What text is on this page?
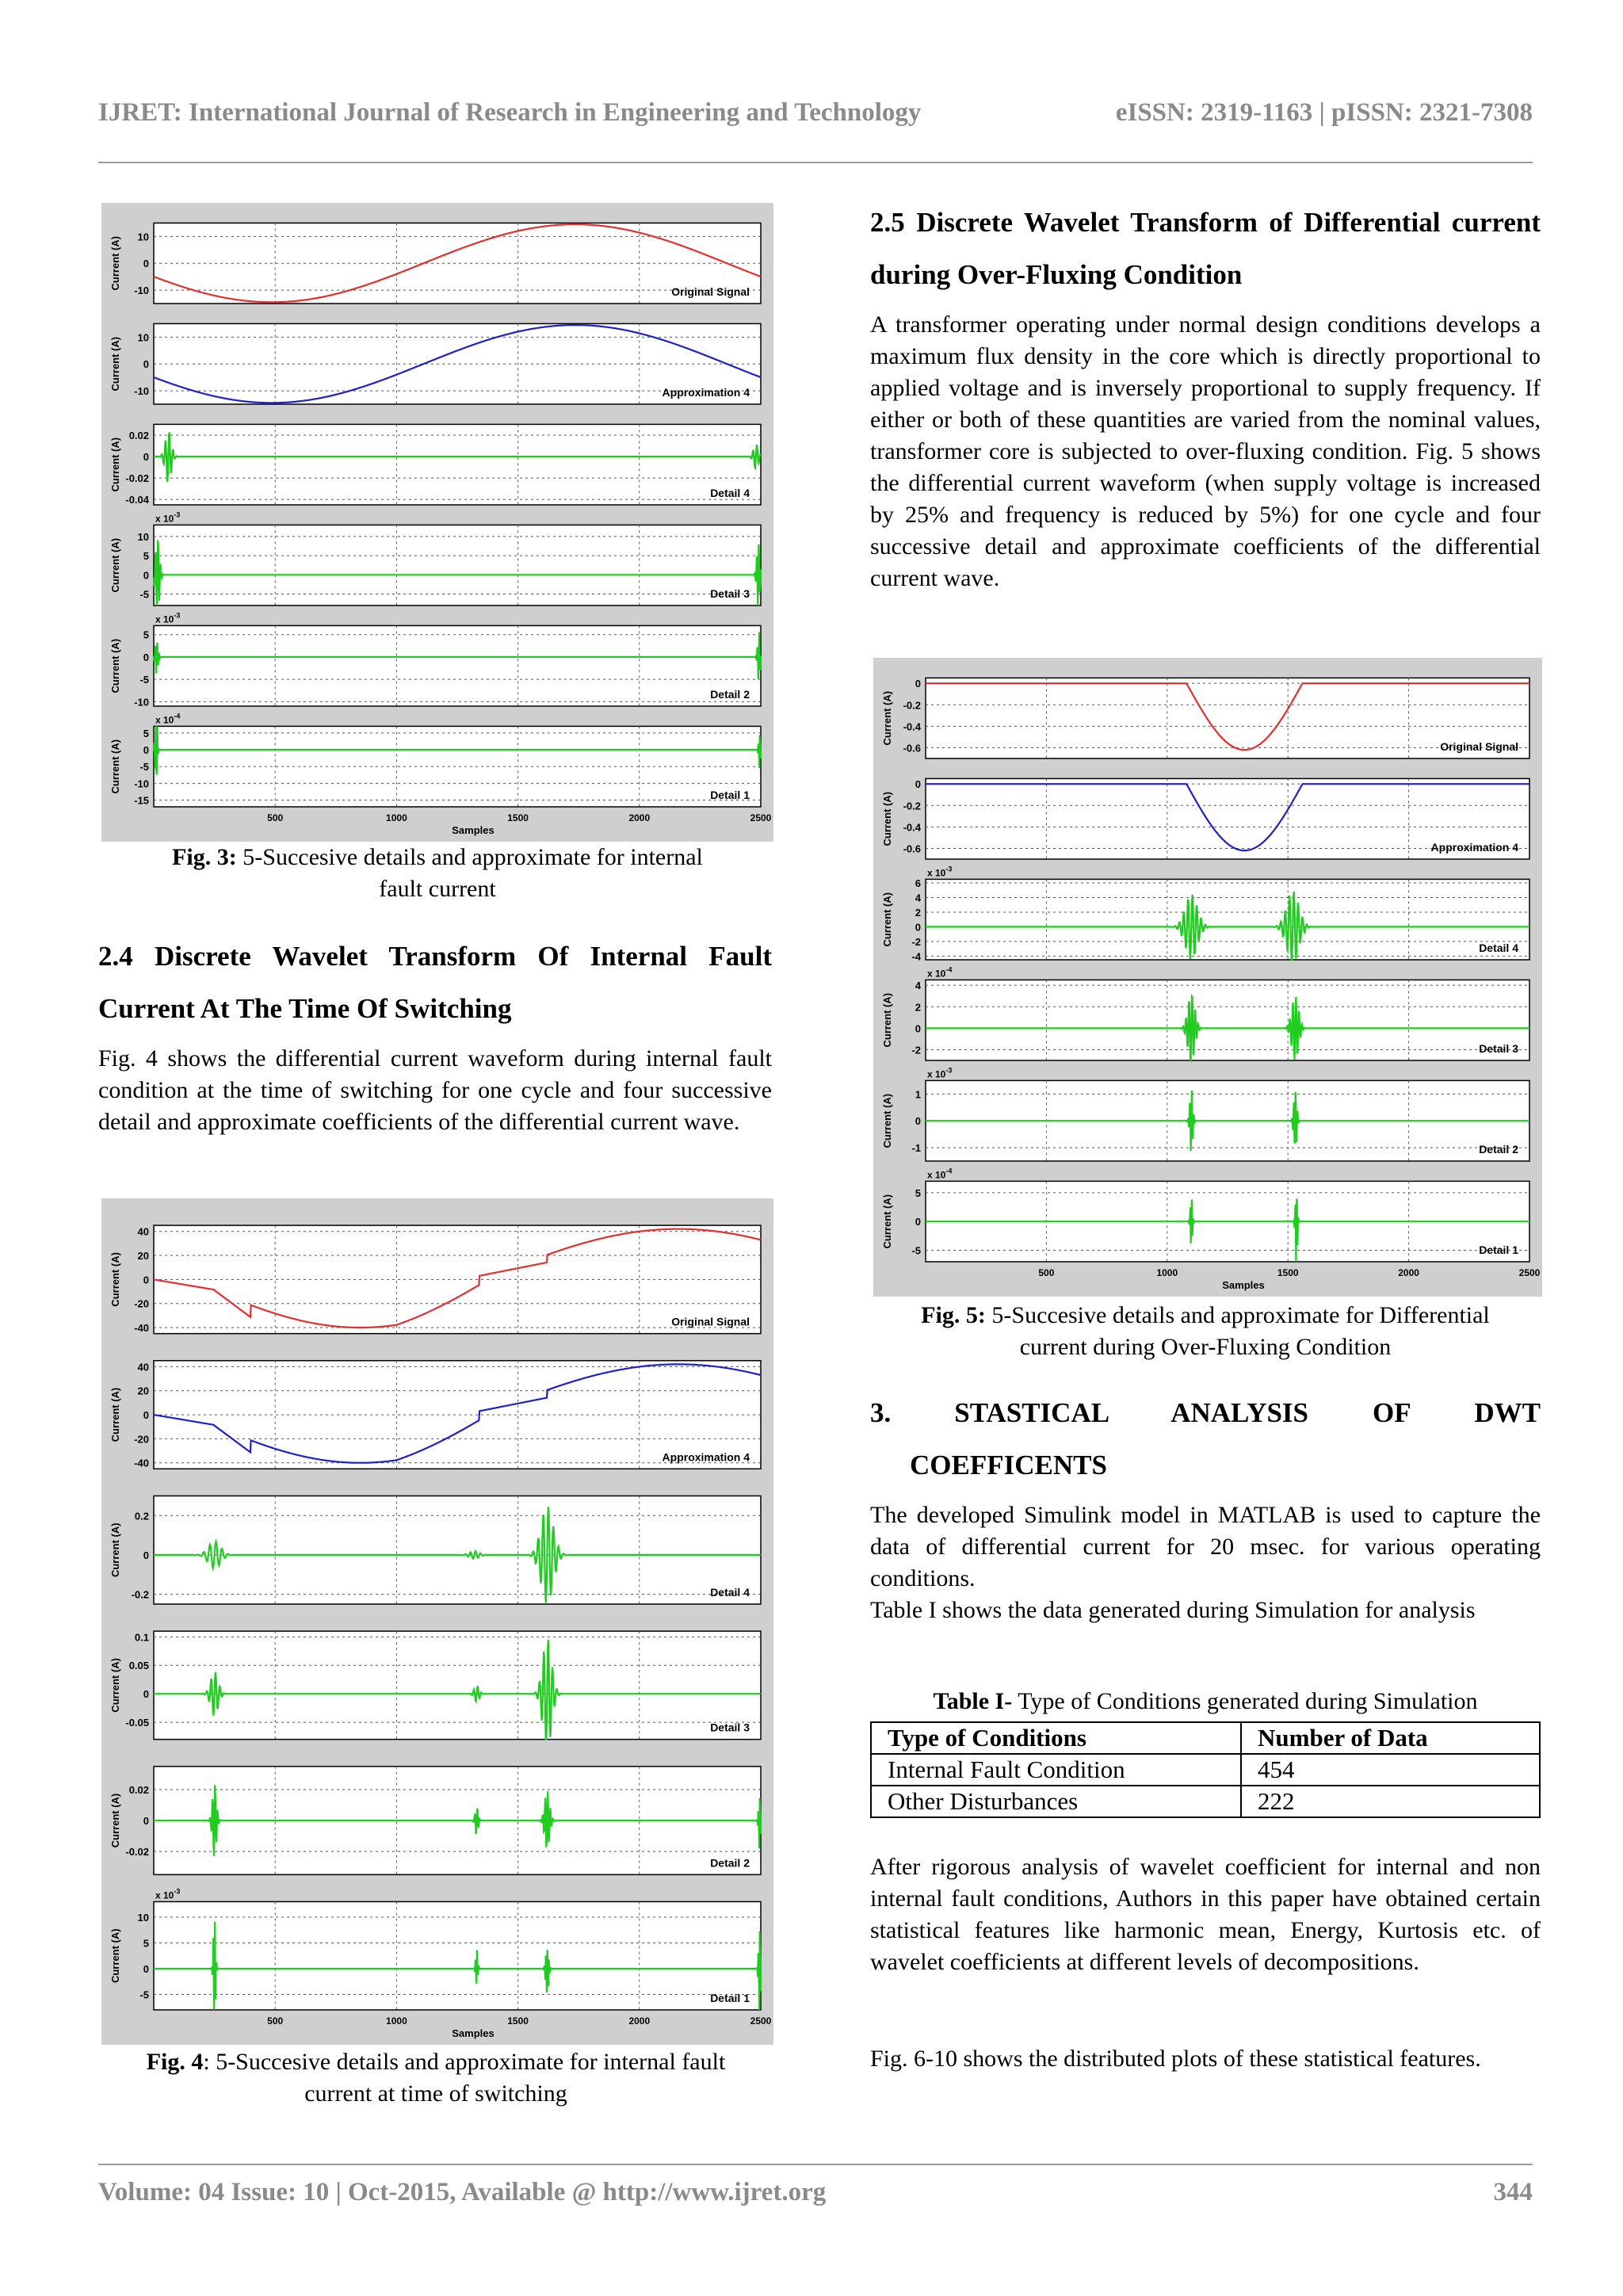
IJRET: International Journal of Research in Engineering and Technology	eISSN: 2319-1163 | pISSN: 2321-7308
10
0
-10
Current (A)
Original Signal
10
0
-10
Current (A)
Approximation 4
0.02
0
-0.02
-0.04
Current (A)
Detail 4
10
5
0
-5
Current (A)
x $10^{-3}$
Detail 3
5
0
-5
-10
Current (A)
x $10^{-3}$
Detail 2
5
0
-5
-10
-15
Current (A)
x $10^{-4}$
Detail 1
500	1000	1500	2000	2500
Samples
Fig. 3: 5-Succesive details and approximate for internal
fault current
2.4 Discrete Wavelet Transform Of Internal Fault Current At The Time Of Switching
Fig. 4 shows the differential current waveform during internal fault condition at the time of switching for one cycle and four successive detail and approximate coefficients of the differential current wave.
40
20
0
-20
-40
Current (A)
Original Signal
40
20
0
-20
-40
Current (A)
Approximation 4
0.2
0
-0.2
Current (A)
Detail 4
0.1
0.05
0
-0.05
Current (A)
Detail 3
0.02
0
-0.02
Current (A)
Detail 2
10
5
0
-5
Current (A)
x $10^{-3}$
Detail 1
500	1000	1500	2000	2500
Samples
Fig. 4: 5-Succesive details and approximate for internal fault
current at time of switching
2.5 Discrete Wavelet Transform of Differential current during Over-Fluxing Condition
A transformer operating under normal design conditions develops a maximum flux density in the core which is directly proportional to applied voltage and is inversely proportional to supply frequency. If either or both of these quantities are varied from the nominal values, transformer core is subjected to over-fluxing condition. Fig. 5 shows the differential current waveform (when supply voltage is increased by 25% and frequency is reduced by 5%) for one cycle and four successive detail and approximate coefficients of the differential current wave.
0
-0.2
-0.4
-0.6
Current (A)
Original Signal
0
-0.2
-0.4
-0.6
Current (A)
Approximation 4
6
4
2
0
-2
-4
Current (A)
x $10^{-3}$
Detail 4
4
2
0
-2
Current (A)
x $10^{-4}$
Detail 3
1
0
-1
Current (A)
x $10^{-3}$
Detail 2
5
0
-5
Current (A)
x $10^{-4}$
Detail 1
500	1000	1500	2000	2500
Samples
Fig. 5: 5-Succesive details and approximate for Differential
current during Over-Fluxing Condition
3. STASTICAL ANALYSIS OF DWT
COEFFICENTS

The developed Simulink model in MATLAB is used to capture the data of differential current for 20 msec. for various operating conditions.

Table I shows the data generated during Simulation for analysis

Table I- Type of Conditions generated during Simulation
Type of Conditions	Number of Data
Internal Fault Condition	454
Other Disturbances	222
After rigorous analysis of wavelet coefficient for internal and non internal fault conditions, Authors in this paper have obtained certain statistical features like harmonic mean, Energy, Kurtosis etc. of wavelet coefficients at different levels of decompositions.
Fig. 6-10 shows the distributed plots of these statistical features.
Volume: 04 Issue: 10 | Oct-2015, Available @ http://www.ijret.org	344
